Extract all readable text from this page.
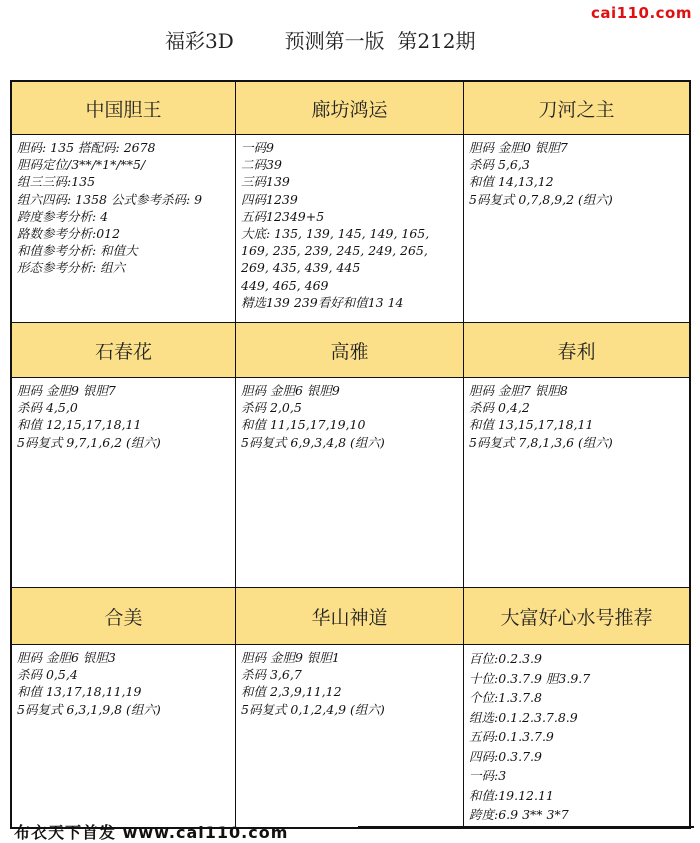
cai110.com
福彩3D        预测第一版  第212期
中国胆王
胆码: 135 搭配码: 2678
胆码定位/3**/*1*/**5/
组三三码:135
组六四码: 1358 公式参考杀码: 9
跨度参考分析: 4
路数参考分析:012
和值参考分析: 和值大
形态参考分析: 组六
廊坊鸿运
一码9
二码39
三码139
四码1239
五码12349+5
大底: 135, 139, 145, 149, 165, 169, 235, 239, 245, 249, 265, 269, 435, 439, 445
449, 465, 469
精选139 239看好和值13 14
刀河之主
胆码 金胆0 银胆7
杀码 5,6,3
和值 14,13,12
5码复式 0,7,8,9,2 (组六)
石春花
胆码 金胆9 银胆7
杀码 4,5,0
和值 12,15,17,18,11
5码复式 9,7,1,6,2 (组六)
高雅
胆码 金胆6 银胆9
杀码 2,0,5
和值 11,15,17,19,10
5码复式 6,9,3,4,8 (组六)
春利
胆码 金胆7 银胆8
杀码 0,4,2
和值 13,15,17,18,11
5码复式 7,8,1,3,6 (组六)
合美
胆码 金胆6 银胆3
杀码 0,5,4
和值 13,17,18,11,19
5码复式 6,3,1,9,8 (组六)
华山神道
胆码 金胆9 银胆1
杀码 3,6,7
和值 2,3,9,11,12
5码复式 0,1,2,4,9 (组六)
大富好心水号推荐
百位:0.2.3.9
十位:0.3.7.9 胆3.9.7
个位:1.3.7.8
组选:0.1.2.3.7.8.9
五码:0.1.3.7.9
四码:0.3.7.9
一码:3
和值:19.12.11
跨度:6.9 3** 3*7
布衣天下首发 www.cai110.com
